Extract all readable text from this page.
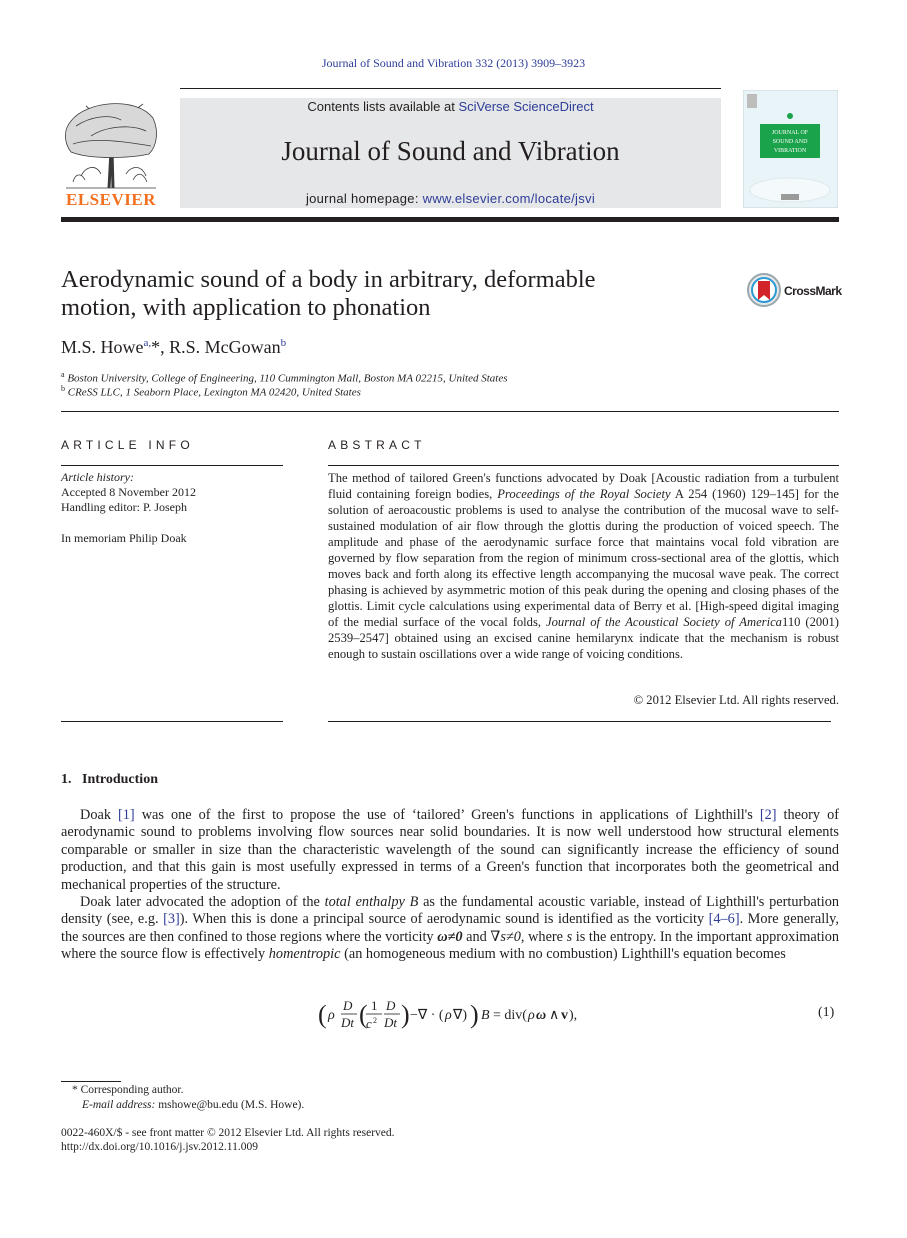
Journal of Sound and Vibration 332 (2013) 3909–3923
ELSEVIER
Contents lists available at SciVerse ScienceDirect
Journal of Sound and Vibration
journal homepage: www.elsevier.com/locate/jsvi
JOURNAL OF
SOUND AND
VIBRATION
Aerodynamic sound of a body in arbitrary, deformable
motion, with application to phonation
CrossMark
M.S. Howe$^{a,}$*, R.S. McGowan$^b$
$^a$ Boston University, College of Engineering, 110 Cummington Mall, Boston MA 02215, United States
$^b$ CReSS LLC, 1 Seaborn Place, Lexington MA 02420, United States
ARTICLE INFO	ABSTRACT
Article history:
Accepted 8 November 2012
Handling editor: P. Joseph
In memoriam Philip Doak
The method of tailored Green's functions advocated by Doak [Acoustic radiation from a turbulent fluid containing foreign bodies, Proceedings of the Royal Society A 254 (1960) 129–145] for the solution of aeroacoustic problems is used to analyse the contribution of the mucosal wave to self-sustained modulation of air flow through the glottis during the production of voiced speech. The amplitude and phase of the aerodynamic surface force that maintains vocal fold vibration are governed by flow separation from the region of minimum cross-sectional area of the glottis, which moves back and forth along its effective length accompanying the mucosal wave peak. The correct phasing is achieved by asymmetric motion of this peak during the opening and closing phases of the glottis. Limit cycle calculations using experimental data of Berry et al. [High-speed digital imaging of the medial surface of the vocal folds, Journal of the Acoustical Society of America110 (2001) 2539–2547] obtained using an excised canine hemilarynx indicate that the mechanism is robust enough to sustain oscillations over a wide range of voicing conditions.
© 2012 Elsevier Ltd. All rights reserved.
1.   Introduction
Doak [1] was one of the first to propose the use of ‘tailored’ Green's functions in applications of Lighthill's [2] theory of aerodynamic sound to problems involving flow sources near solid boundaries. It is now well understood how structural elements comparable or smaller in size than the characteristic wavelength of the sound can significantly increase the efficiency of sound production, and that this gain is most usefully expressed in terms of a Green's function that incorporates both the geometrical and mechanical properties of the structure.
Doak later advocated the adoption of the total enthalpy B as the fundamental acoustic variable, instead of Lighthill's perturbation density (see, e.g. [3]). When this is done a principal source of aerodynamic sound is identified as the vorticity [4–6]. More generally, the sources are then confined to those regions where the vorticity ω≠0 and ∇s≠0, where s is the entropy. In the important approximation where the source flow is effectively homentropic (an homogeneous medium with no combustion) Lighthill's equation becomes
( ρ
D
Dt ( 1
c 2
D
Dt ) −∇ · ( ρ ∇) ) B = div( ρ ω ∧ v ),	(1)
* Corresponding author.
E-mail address: mshowe@bu.edu (M.S. Howe).
0022-460X/$ - see front matter © 2012 Elsevier Ltd. All rights reserved.
http://dx.doi.org/10.1016/j.jsv.2012.11.009
